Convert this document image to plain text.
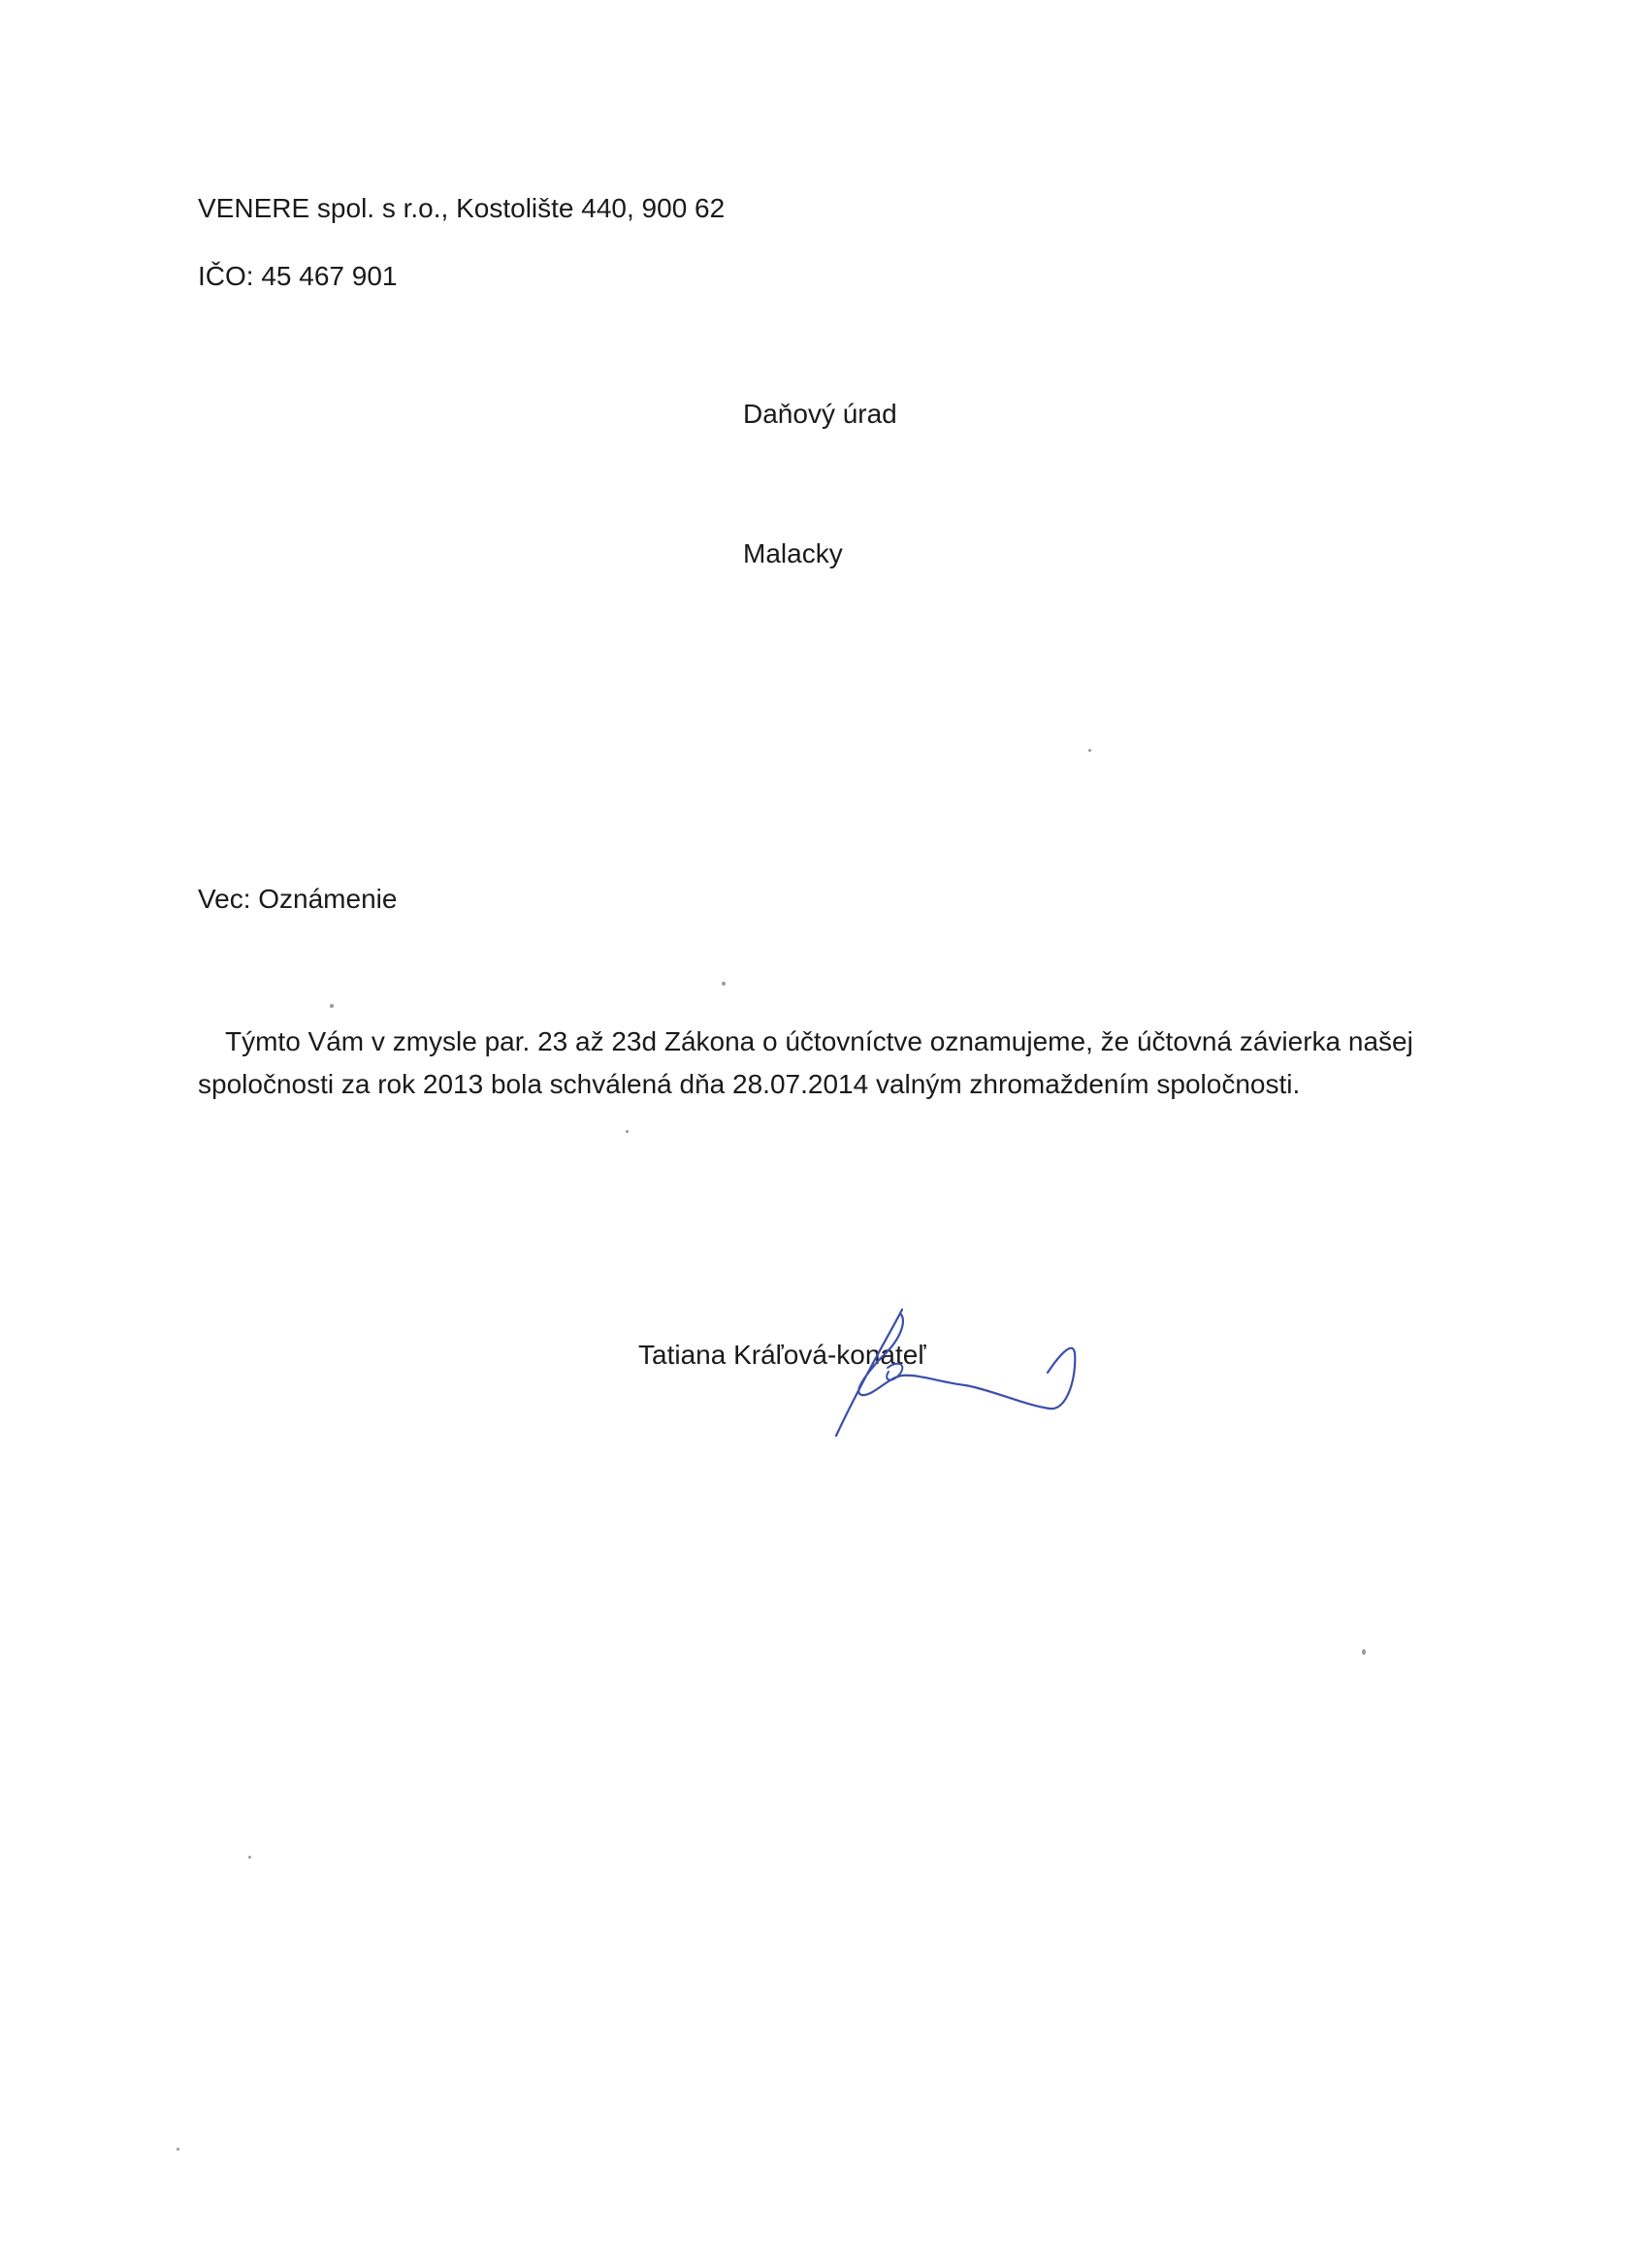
VENERE spol. s r.o., Kostolište 440, 900 62
IČO: 45 467 901
Daňový úrad
Malacky
Vec: Oznámenie
Týmto Vám v zmysle par. 23 až 23d Zákona o účtovníctve oznamujeme, že účtovná závierka našej
spoločnosti za rok 2013 bola schválená dňa 28.07.2014 valným zhromaždením spoločnosti.
Tatiana Kráľová-konateľ
